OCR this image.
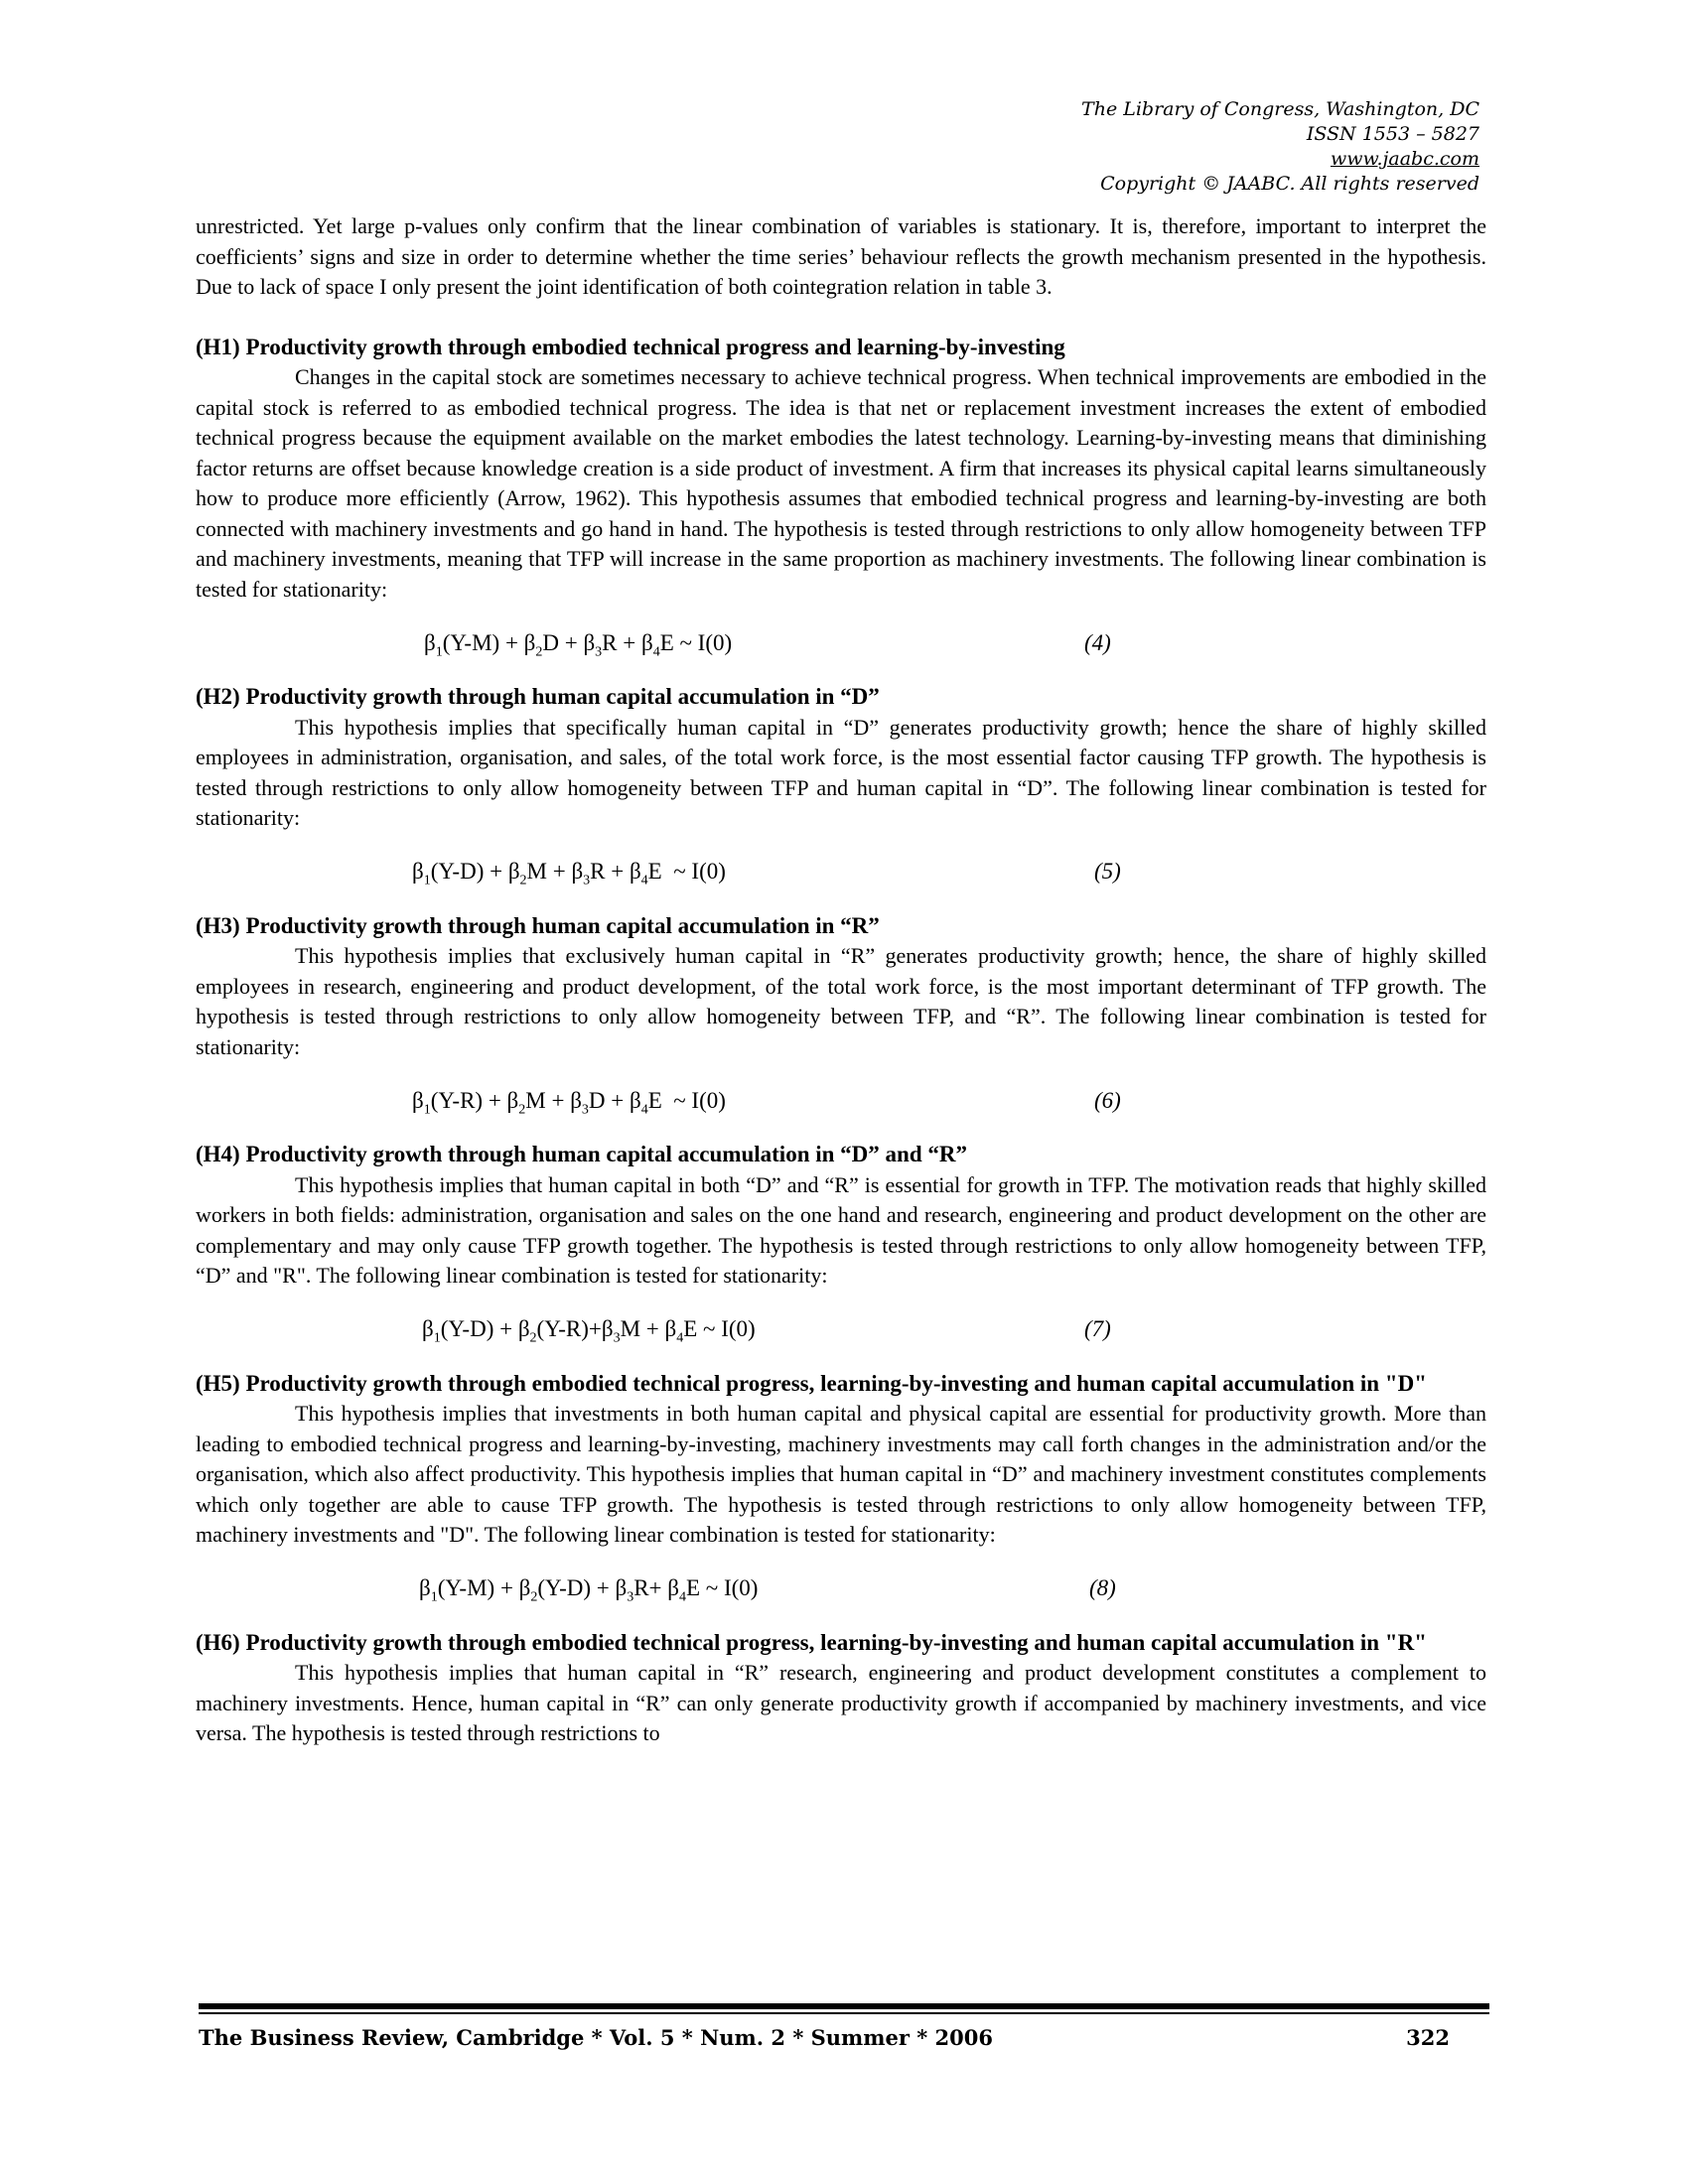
The Library of Congress, Washington, DC
ISSN 1553 – 5827
www.jaabc.com
Copyright © JAABC. All rights reserved

unrestricted. Yet large p-values only confirm that the linear combination of variables is stationary. It is, therefore, important to interpret the coefficients’ signs and size in order to determine whether the time series’ behaviour reflects the growth mechanism presented in the hypothesis. Due to lack of space I only present the joint identification of both cointegration relation in table 3.

(H1) Productivity growth through embodied technical progress and learning-by-investing

Changes in the capital stock are sometimes necessary to achieve technical progress. When technical improvements are embodied in the capital stock is referred to as embodied technical progress. The idea is that net or replacement investment increases the extent of embodied technical progress because the equipment available on the market embodies the latest technology. Learning-by-investing means that diminishing factor returns are offset because knowledge creation is a side product of investment. A firm that increases its physical capital learns simultaneously how to produce more efficiently (Arrow, 1962). This hypothesis assumes that embodied technical progress and learning-by-investing are both connected with machinery investments and go hand in hand. The hypothesis is tested through restrictions to only allow homogeneity between TFP and machinery investments, meaning that TFP will increase in the same proportion as machinery investments. The following linear combination is tested for stationarity:

$\beta_1(Y-M) + \beta_2D + \beta_3R + \beta_4E$ ~ I(0)	(4)
(H2) Productivity growth through human capital accumulation in “D”

This hypothesis implies that specifically human capital in “D” generates productivity growth; hence the share of highly skilled employees in administration, organisation, and sales, of the total work force, is the most essential factor causing TFP growth. The hypothesis is tested through restrictions to only allow homogeneity between TFP and human capital in “D”. The following linear combination is tested for stationarity:

$\beta_1(Y-D) + \beta_2M + \beta_3R + \beta_4E$  ~ I(0)	(5)
(H3) Productivity growth through human capital accumulation in “R”

This hypothesis implies that exclusively human capital in “R” generates productivity growth; hence, the share of highly skilled employees in research, engineering and product development, of the total work force, is the most important determinant of TFP growth. The hypothesis is tested through restrictions to only allow homogeneity between TFP, and “R”. The following linear combination is tested for stationarity:

$\beta_1(Y-R) + \beta_2M + \beta_3D + \beta_4E$  ~ I(0)	(6)
(H4) Productivity growth through human capital accumulation in “D” and “R”

This hypothesis implies that human capital in both “D” and “R” is essential for growth in TFP. The motivation reads that highly skilled workers in both fields: administration, organisation and sales on the one hand and research, engineering and product development on the other are complementary and may only cause TFP growth together. The hypothesis is tested through restrictions to only allow homogeneity between TFP, “D” and "R". The following linear combination is tested for stationarity:

$\beta_1(Y-D) + \beta_2(Y-R)+\beta_3M + \beta_4E$ ~ I(0)	(7)
(H5) Productivity growth through embodied technical progress, learning-by-investing and human capital accumulation in "D"

This hypothesis implies that investments in both human capital and physical capital are essential for productivity growth. More than leading to embodied technical progress and learning-by-investing, machinery investments may call forth changes in the administration and/or the organisation, which also affect productivity. This hypothesis implies that human capital in “D” and machinery investment constitutes complements which only together are able to cause TFP growth. The hypothesis is tested through restrictions to only allow homogeneity between TFP, machinery investments and "D". The following linear combination is tested for stationarity:

$\beta_1(Y-M) + \beta_2(Y-D) + \beta_3R+ \beta_4E$ ~ I(0)	(8)
(H6) Productivity growth through embodied technical progress, learning-by-investing and human capital accumulation in "R"

This hypothesis implies that human capital in “R” research, engineering and product development constitutes a complement to machinery investments. Hence, human capital in “R” can only generate productivity growth if accompanied by machinery investments, and vice versa. The hypothesis is tested through restrictions to

The Business Review, Cambridge * Vol. 5 * Num. 2 * Summer * 2006	322
